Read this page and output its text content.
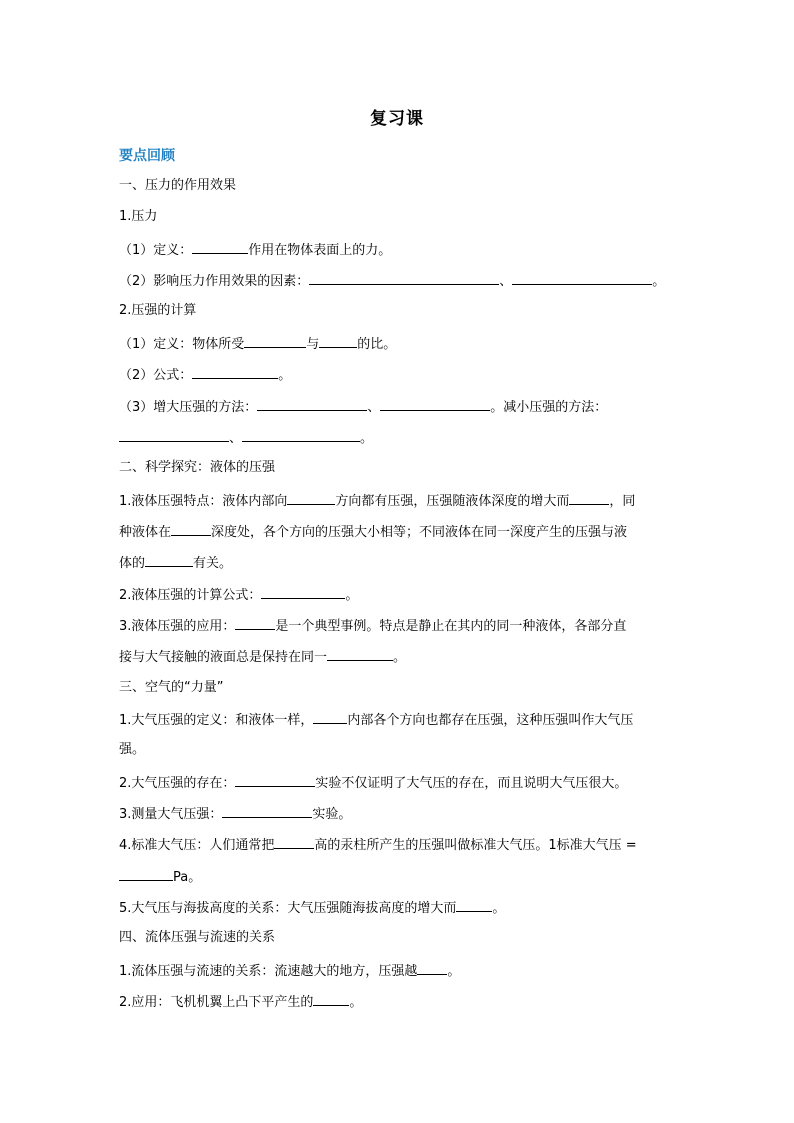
复习课
要点回顾
一、压力的作用效果
1.压力
（1）定义：	作用在物体表面上的力。
（2）影响压力作用效果的因素：	、	。
2.压强的计算
（1）定义：物体所受	与	的比。
（2）公式：	。
（3）增大压强的方法：	、	。减小压强的方法：
、	。
二、科学探究：液体的压强
1.液体压强特点：液体内部向	方向都有压强，压强随液体深度的增大而	，同
种液体在	深度处，各个方向的压强大小相等；不同液体在同一深度产生的压强与液
体的	有关。
2.液体压强的计算公式：	。
3.液体压强的应用：	是一个典型事例。特点是静止在其内的同一种液体，各部分直
接与大气接触的液面总是保持在同一	。
三、空气的“力量”
1.大气压强的定义：和液体一样，	内部各个方向也都存在压强，这种压强叫作大气压
强。
2.大气压强的存在：	实验不仅证明了大气压的存在，而且说明大气压很大。
3.测量大气压强：	实验。
4.标准大气压：人们通常把	高的汞柱所产生的压强叫做标准大气压。1标准大气压 =
Pa。
5.大气压与海拔高度的关系：大气压强随海拔高度的增大而	。
四、流体压强与流速的关系
1.流体压强与流速的关系：流速越大的地方，压强越 。
2.应用：飞机机翼上凸下平产生的	。
